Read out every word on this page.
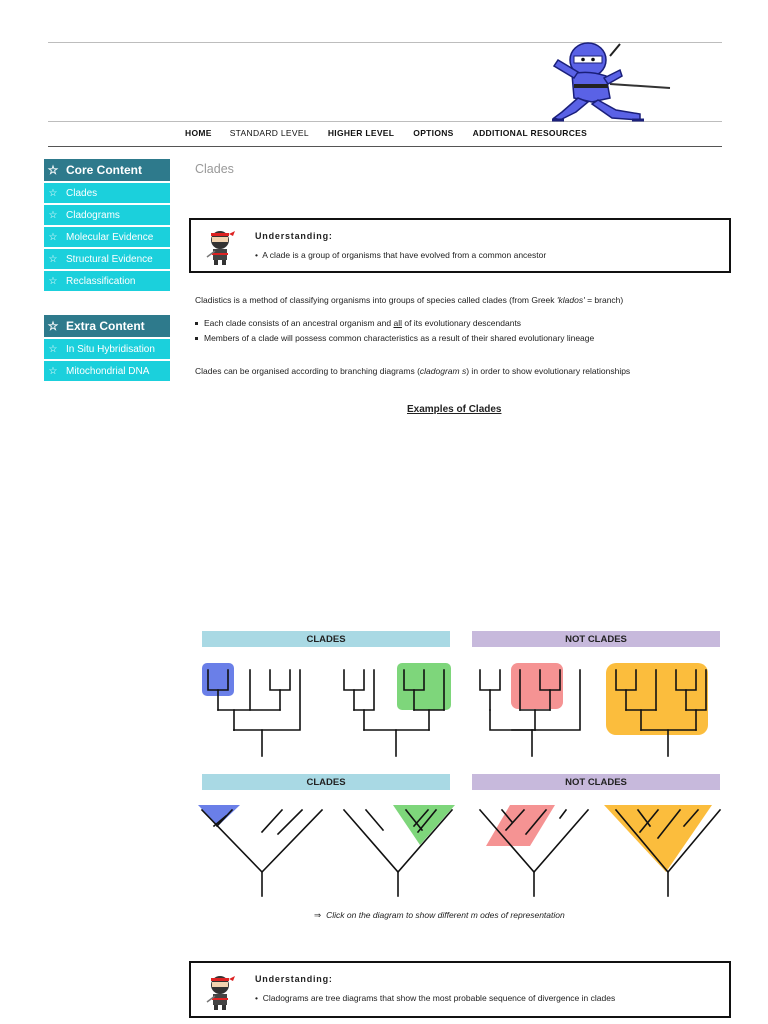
HOME STANDARD LEVEL HIGHER LEVEL OPTIONS ADDITIONAL RESOURCES
☆ Core Content
☆ Clades
☆ Cladograms
☆ Molecular Evidence
☆ Structural Evidence
☆ Reclassification
☆ Extra Content
☆ In Situ Hybridisation
☆ Mitochondrial DNA
Clades
Understanding:
• A clade is a group of organisms that have evolved from a common ancestor
Cladistics is a method of classifying organisms into groups of species called clades (from Greek 'klados' = branch)
Each clade consists of an ancestral organism and all of its evolutionary descendants
Members of a clade will possess common characteristics as a result of their shared evolutionary lineage
Clades can be organised according to branching diagrams (cladogram s) in order to show evolutionary relationships
Examples of Clades
CLADES	NOT CLADES
CLADES	NOT CLADES
⇒ Click on the diagram to show different m odes of representation
Understanding:
• Cladograms are tree diagrams that show the most probable sequence of divergence in clades
